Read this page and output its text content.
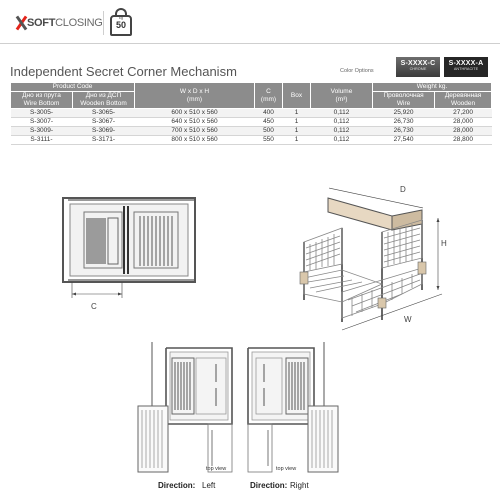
SOFT CLOSING	kg
50
Independent Secret Corner Mechanism	Color Options
S-XXXX-C
CHROME
S-XXXX-A
ANTHRACITE
Product Code		W x D x H
(mm)	C
(mm)	Box	Volume
(m³)	Weight kg.	
Дно из прута
Wire Bottom	Дно из ДСП
Wooden Bottom					Проволочная
Wire	Деревянная
Wooden

S-3005-	S-3065-	600 x 510 x 560	400	1	0,112	25,920	27,200
S-3007-	S-3067-	640 x 510 x 560	450	1	0,112	26,730	28,000
S-3009-	S-3069-	700 x 510 x 560	500	1	0,112	26,730	28,000
S-3111-	S-3171-	800 x 510 x 560	550	1	0,112	27,540	28,800
C
D
H
W
top view
Direction: Left
top view
Direction: Right
